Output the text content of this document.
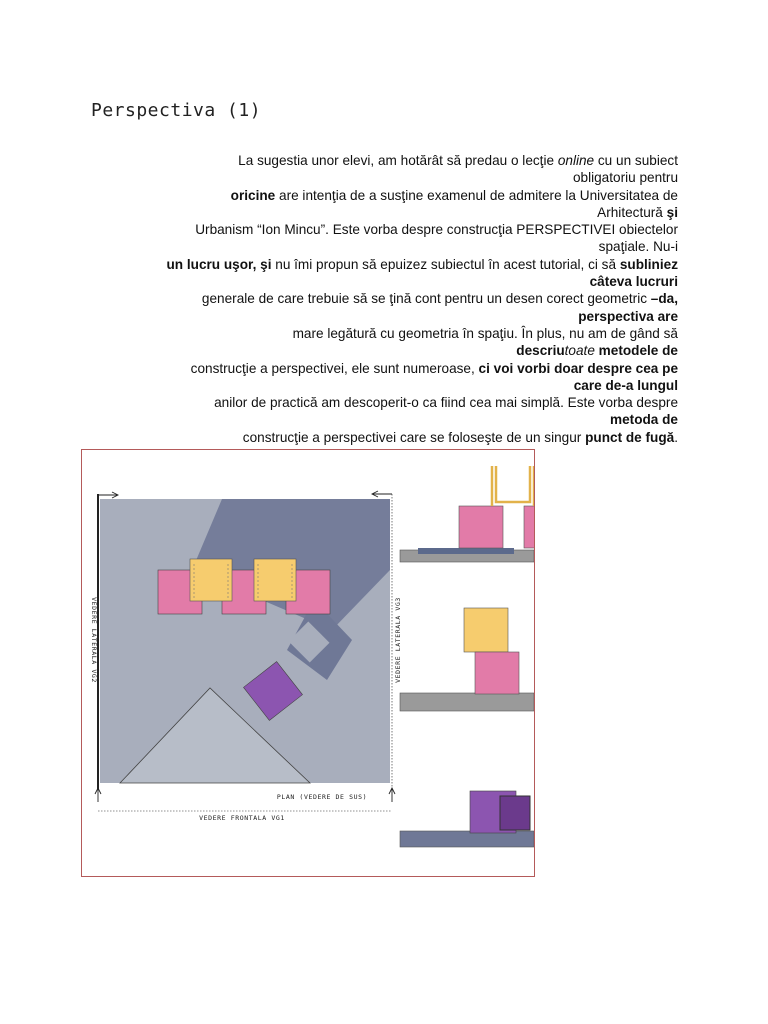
Perspectiva (1)
La sugestia unor elevi, am hotărât să predau o lecţie online cu un subiect
obligatoriu pentru
oricine are intenţia de a susţine examenul de admitere la Universitatea de
Arhitectură şi
Urbanism “Ion Mincu”. Este vorba despre construcţia PERSPECTIVEI obiectelor
spaţiale. Nu-i
un lucru uşor, şi nu îmi propun să epuizez subiectul în acest tutorial, ci să subliniez
câteva lucruri
generale de care trebuie să se ţină cont pentru un desen corect geometric –da,
perspectiva are
mare legătură cu geometria în spaţiu. În plus, nu am de gând să
descriutoate metodele de
construcţie a perspectivei, ele sunt numeroase, ci voi vorbi doar despre cea pe
care de-a lungul
anilor de practică am descoperit-o ca fiind cea mai simplă. Este vorba despre
metoda de
construcţie a perspectivei care se foloseşte de un singur punct de fugă.
VEDERE LATERALA VG2	VEDERE LATERALA VG3
PLAN (VEDERE DE SUS)
VEDERE FRONTALA VG1
